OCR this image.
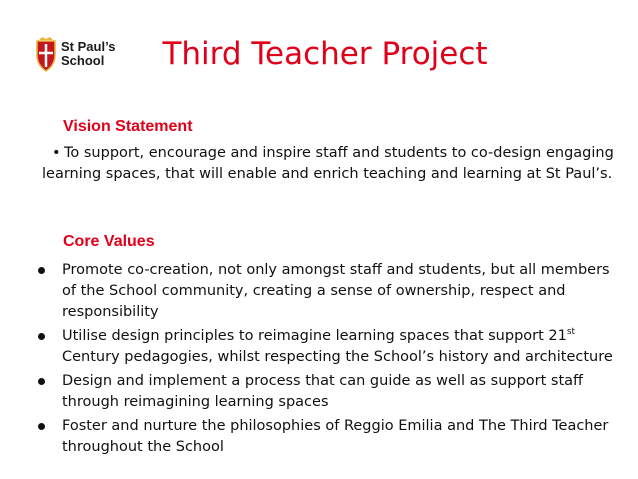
St Paul’s
School	Third Teacher Project
Vision Statement
• To support, encourage and inspire staff and students to co-design engaging learning spaces, that will enable and enrich teaching and learning at St Paul’s.
Core Values
Promote co-creation, not only amongst staff and students, but all members of the School community, creating a sense of ownership, respect and responsibility
Utilise design principles to reimagine learning spaces that support 21st Century pedagogies, whilst respecting the School’s history and architecture
Design and implement a process that can guide as well as support staff through reimagining learning spaces
Foster and nurture the philosophies of Reggio Emilia and The Third Teacher throughout the School
